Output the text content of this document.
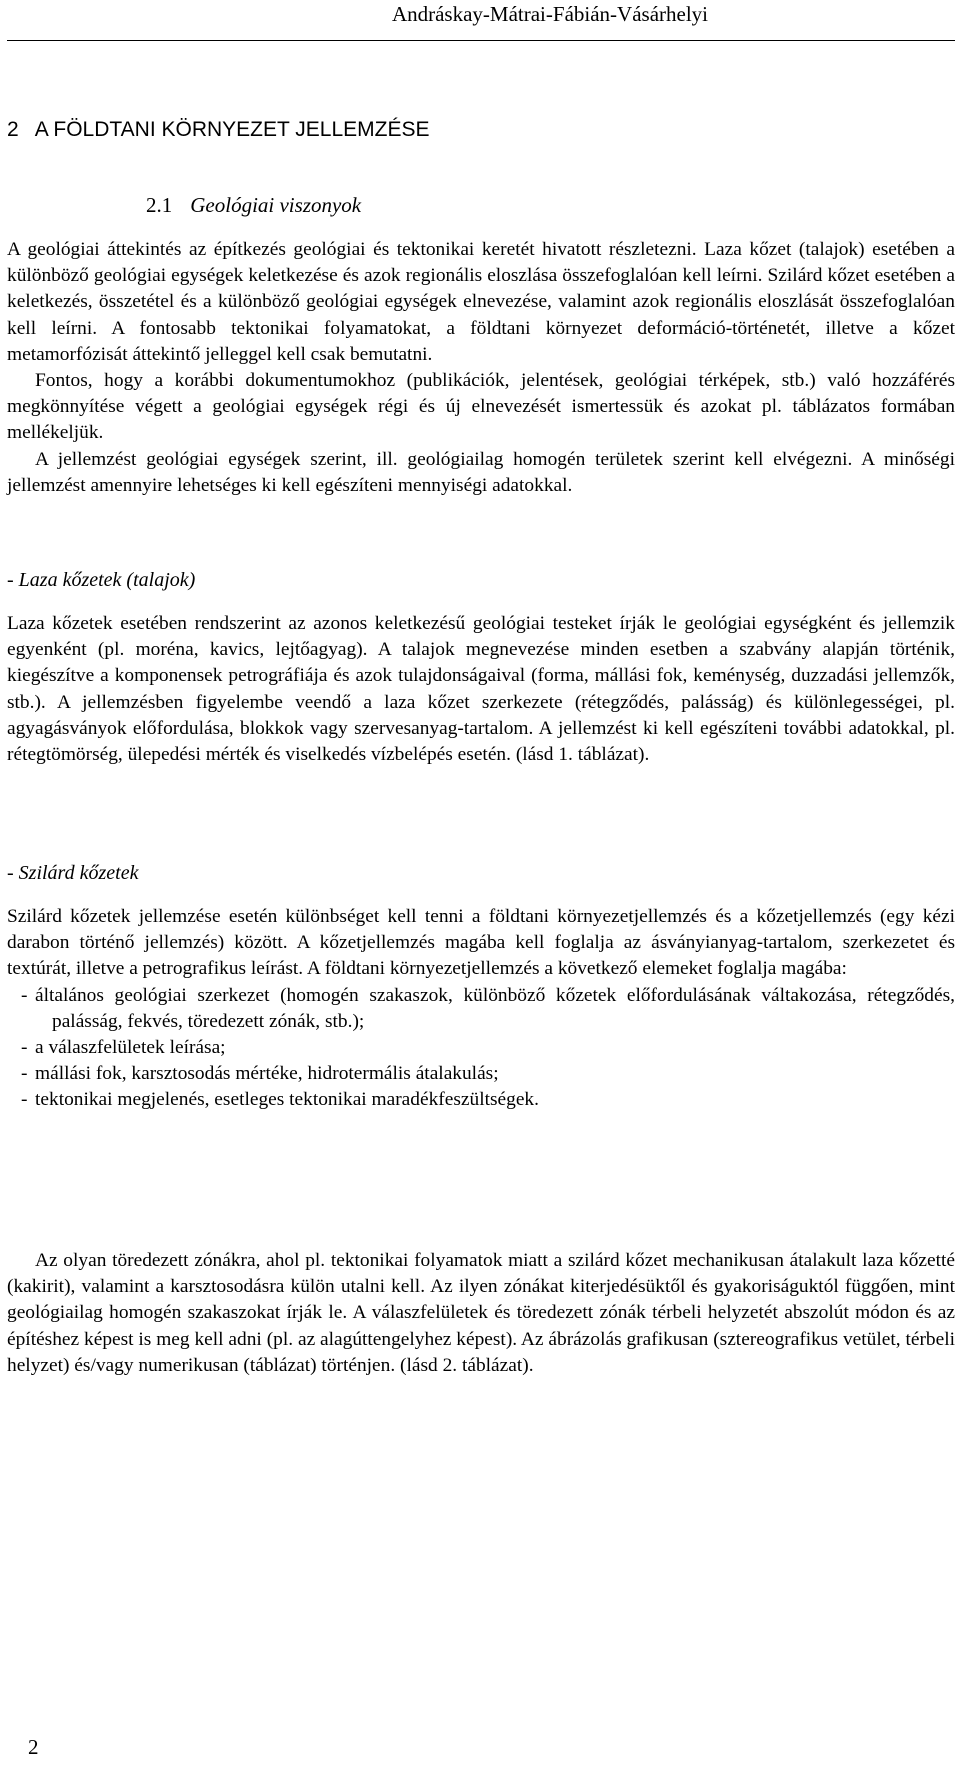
Andráskay-Mátrai-Fábián-Vásárhelyi
2 A FÖLDTANI KÖRNYEZET JELLEMZÉSE
2.1 Geológiai viszonyok

A geológiai áttekintés az építkezés geológiai és tektonikai keretét hivatott részletezni. Laza kőzet (talajok) esetében a különböző geológiai egységek keletkezése és azok regionális eloszlása összefoglalóan kell leírni. Szilárd kőzet esetében a keletkezés, összetétel és a különböző geológiai egységek elnevezése, valamint azok regionális eloszlását összefoglalóan kell leírni. A fontosabb tektonikai folyamatokat, a földtani környezet deformáció-történetét, illetve a kőzet metamorfózisát áttekintő jelleggel kell csak bemutatni.

Fontos, hogy a korábbi dokumentumokhoz (publikációk, jelentések, geológiai térképek, stb.) való hozzáférés megkönnyítése végett a geológiai egységek régi és új elnevezését ismertessük és azokat pl. táblázatos formában mellékeljük.

A jellemzést geológiai egységek szerint, ill. geológiailag homogén területek szerint kell elvégezni. A minőségi jellemzést amennyire lehetséges ki kell egészíteni mennyiségi adatokkal.

- Laza kőzetek (talajok)

Laza kőzetek esetében rendszerint az azonos keletkezésű geológiai testeket írják le geológiai egységként és jellemzik egyenként (pl. moréna, kavics, lejtőagyag). A talajok megnevezése minden esetben a szabvány alapján történik, kiegészítve a komponensek petrográfiája és azok tulajdonságaival (forma, mállási fok, keménység, duzzadási jellemzők, stb.). A jellemzésben figyelembe veendő a laza kőzet szerkezete (rétegződés, palásság) és különlegességei, pl. agyagásványok előfordulása, blokkok vagy szervesanyag-tartalom. A jellemzést ki kell egészíteni további adatokkal, pl. rétegtömörség, ülepedési mérték és viselkedés vízbelépés esetén. (lásd 1. táblázat).

- Szilárd kőzetek

Szilárd kőzetek jellemzése esetén különbséget kell tenni a földtani környezetjellemzés és a kőzetjellemzés (egy kézi darabon történő jellemzés) között. A kőzetjellemzés magába kell foglalja az ásványianyag-tartalom, szerkezetet és textúrát, illetve a petrografikus leírást. A földtani környezetjellemzés a következő elemeket foglalja magába:

- általános geológiai szerkezet (homogén szakaszok, különböző kőzetek előfordulásának váltakozása, rétegződés, palásság, fekvés, töredezett zónák, stb.);
- a válaszfelületek leírása;
- mállási fok, karsztosodás mértéke, hidrotermális átalakulás;
- tektonikai megjelenés, esetleges tektonikai maradékfeszültségek.

Az olyan töredezett zónákra, ahol pl. tektonikai folyamatok miatt a szilárd kőzet mechanikusan átalakult laza kőzetté (kakirit), valamint a karsztosodásra külön utalni kell. Az ilyen zónákat kiterjedésüktől és gyakoriságuktól függően, mint geológiailag homogén szakaszokat írják le. A válaszfelületek és töredezett zónák térbeli helyzetét abszolút módon és az építéshez képest is meg kell adni (pl. az alagúttengelyhez képest). Az ábrázolás grafikusan (sztereografikus vetület, térbeli helyzet) és/vagy numerikusan (táblázat) történjen. (lásd 2. táblázat).

2
